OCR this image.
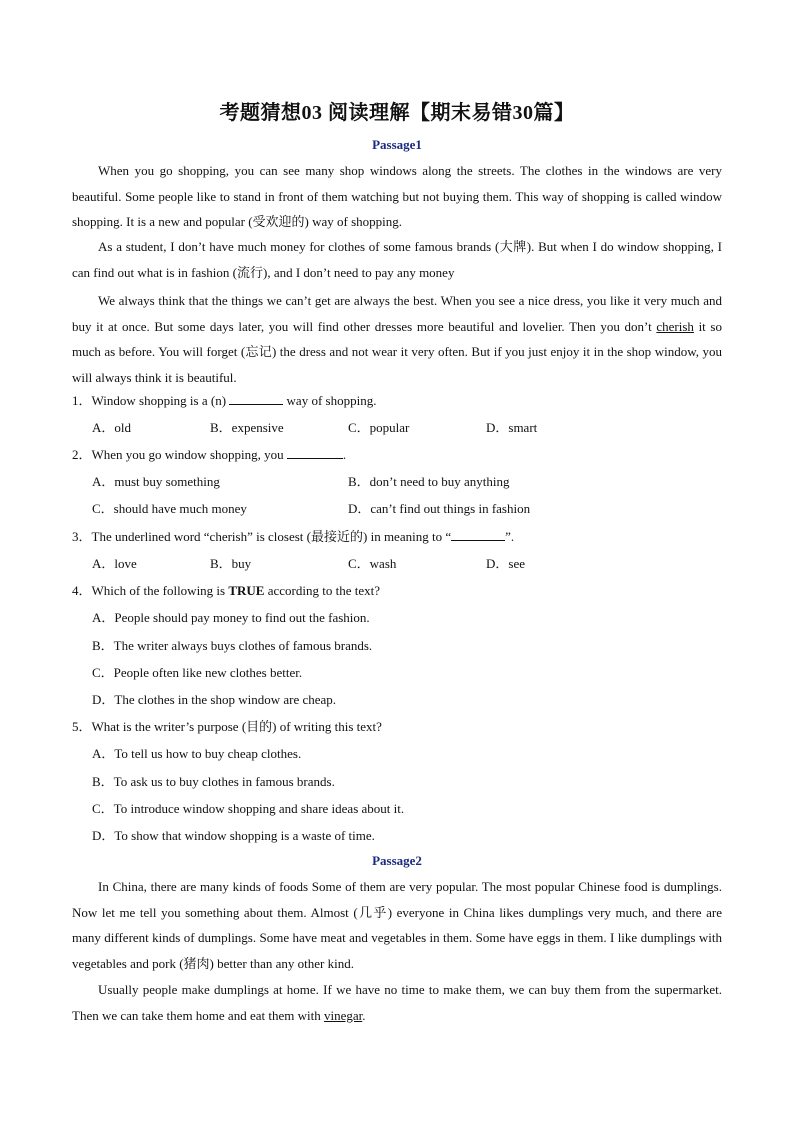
考题猜想03 阅读理解【期末易错30篇】
Passage1

When you go shopping, you can see many shop windows along the streets. The clothes in the windows are very beautiful. Some people like to stand in front of them watching but not buying them. This way of shopping is called window shopping. It is a new and popular (受欢迎的) way of shopping.

As a student, I don’t have much money for clothes of some famous brands (大牌). But when I do window shopping, I can find out what is in fashion (流行), and I don’t need to pay any money

We always think that the things we can’t get are always the best. When you see a nice dress, you like it very much and buy it at once. But some days later, you will find other dresses more beautiful and lovelier. Then you don’t cherish it so much as before. You will forget (忘记) the dress and not wear it very often. But if you just enjoy it in the shop window, you will always think it is beautiful.

1．Window shopping is a (n)	way of shopping.
A．old	B．expensive	C．popular	D．smart
2．When you go window shopping, you	.
A．must buy something	B．don’t need to buy anything
C．should have much money	D．can’t find out things in fashion
3．The underlined word “cherish” is closest (最接近的) in meaning to “	”.
A．love	B．buy	C．wash	D．see
4．Which of the following is TRUE according to the text?
A．People should pay money to find out the fashion.
B．The writer always buys clothes of famous brands.
C．People often like new clothes better.
D．The clothes in the shop window are cheap.
5．What is the writer’s purpose (目的) of writing this text?
A．To tell us how to buy cheap clothes.
B．To ask us to buy clothes in famous brands.
C．To introduce window shopping and share ideas about it.
D．To show that window shopping is a waste of time.
Passage2

In China, there are many kinds of foods Some of them are very popular. The most popular Chinese food is dumplings. Now let me tell you something about them. Almost (几乎) everyone in China likes dumplings very much, and there are many different kinds of dumplings. Some have meat and vegetables in them. Some have eggs in them. I like dumplings with vegetables and pork (猪肉) better than any other kind.

Usually people make dumplings at home. If we have no time to make them, we can buy them from the supermarket. Then we can take them home and eat them with vinegar.
